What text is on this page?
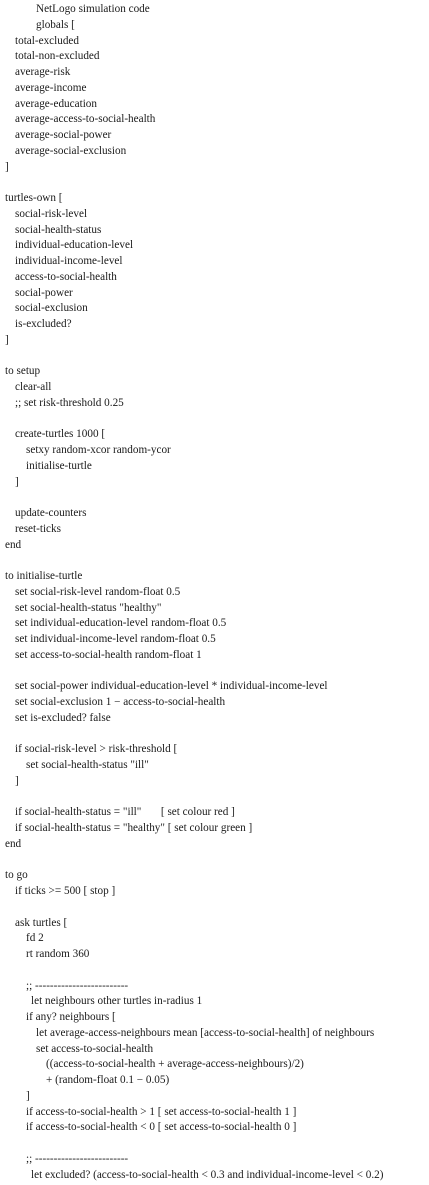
NetLogo simulation code
globals [
total-excluded
total-non-excluded
average-risk
average-income
average-education
average-access-to-social-health
average-social-power
average-social-exclusion
]
turtles-own [
social-risk-level
social-health-status
individual-education-level
individual-income-level
access-to-social-health
social-power
social-exclusion
is-excluded?
]
to setup
clear-all
;; set risk-threshold 0.25
create-turtles 1000 [
setxy random-xcor random-ycor
initialise-turtle
]
update-counters
reset-ticks
end
to initialise-turtle
set social-risk-level random-float 0.5
set social-health-status "healthy"
set individual-education-level random-float 0.5
set individual-income-level random-float 0.5
set access-to-social-health random-float 1
set social-power individual-education-level * individual-income-level
set social-exclusion 1 − access-to-social-health
set is-excluded? false
if social-risk-level > risk-threshold [
set social-health-status "ill"
]
if social-health-status = "ill"       [ set colour red ]
if social-health-status = "healthy" [ set colour green ]
end
to go
if ticks >= 500 [ stop ]
ask turtles [
fd 2
rt random 360
;; -------------------------
let neighbours other turtles in-radius 1
if any? neighbours [
let average-access-neighbours mean [access-to-social-health] of neighbours
set access-to-social-health
((access-to-social-health + average-access-neighbours)/2)
+ (random-float 0.1 − 0.05)
]
if access-to-social-health > 1 [ set access-to-social-health 1 ]
if access-to-social-health < 0 [ set access-to-social-health 0 ]
;; -------------------------
let excluded? (access-to-social-health < 0.3 and individual-income-level < 0.2)
